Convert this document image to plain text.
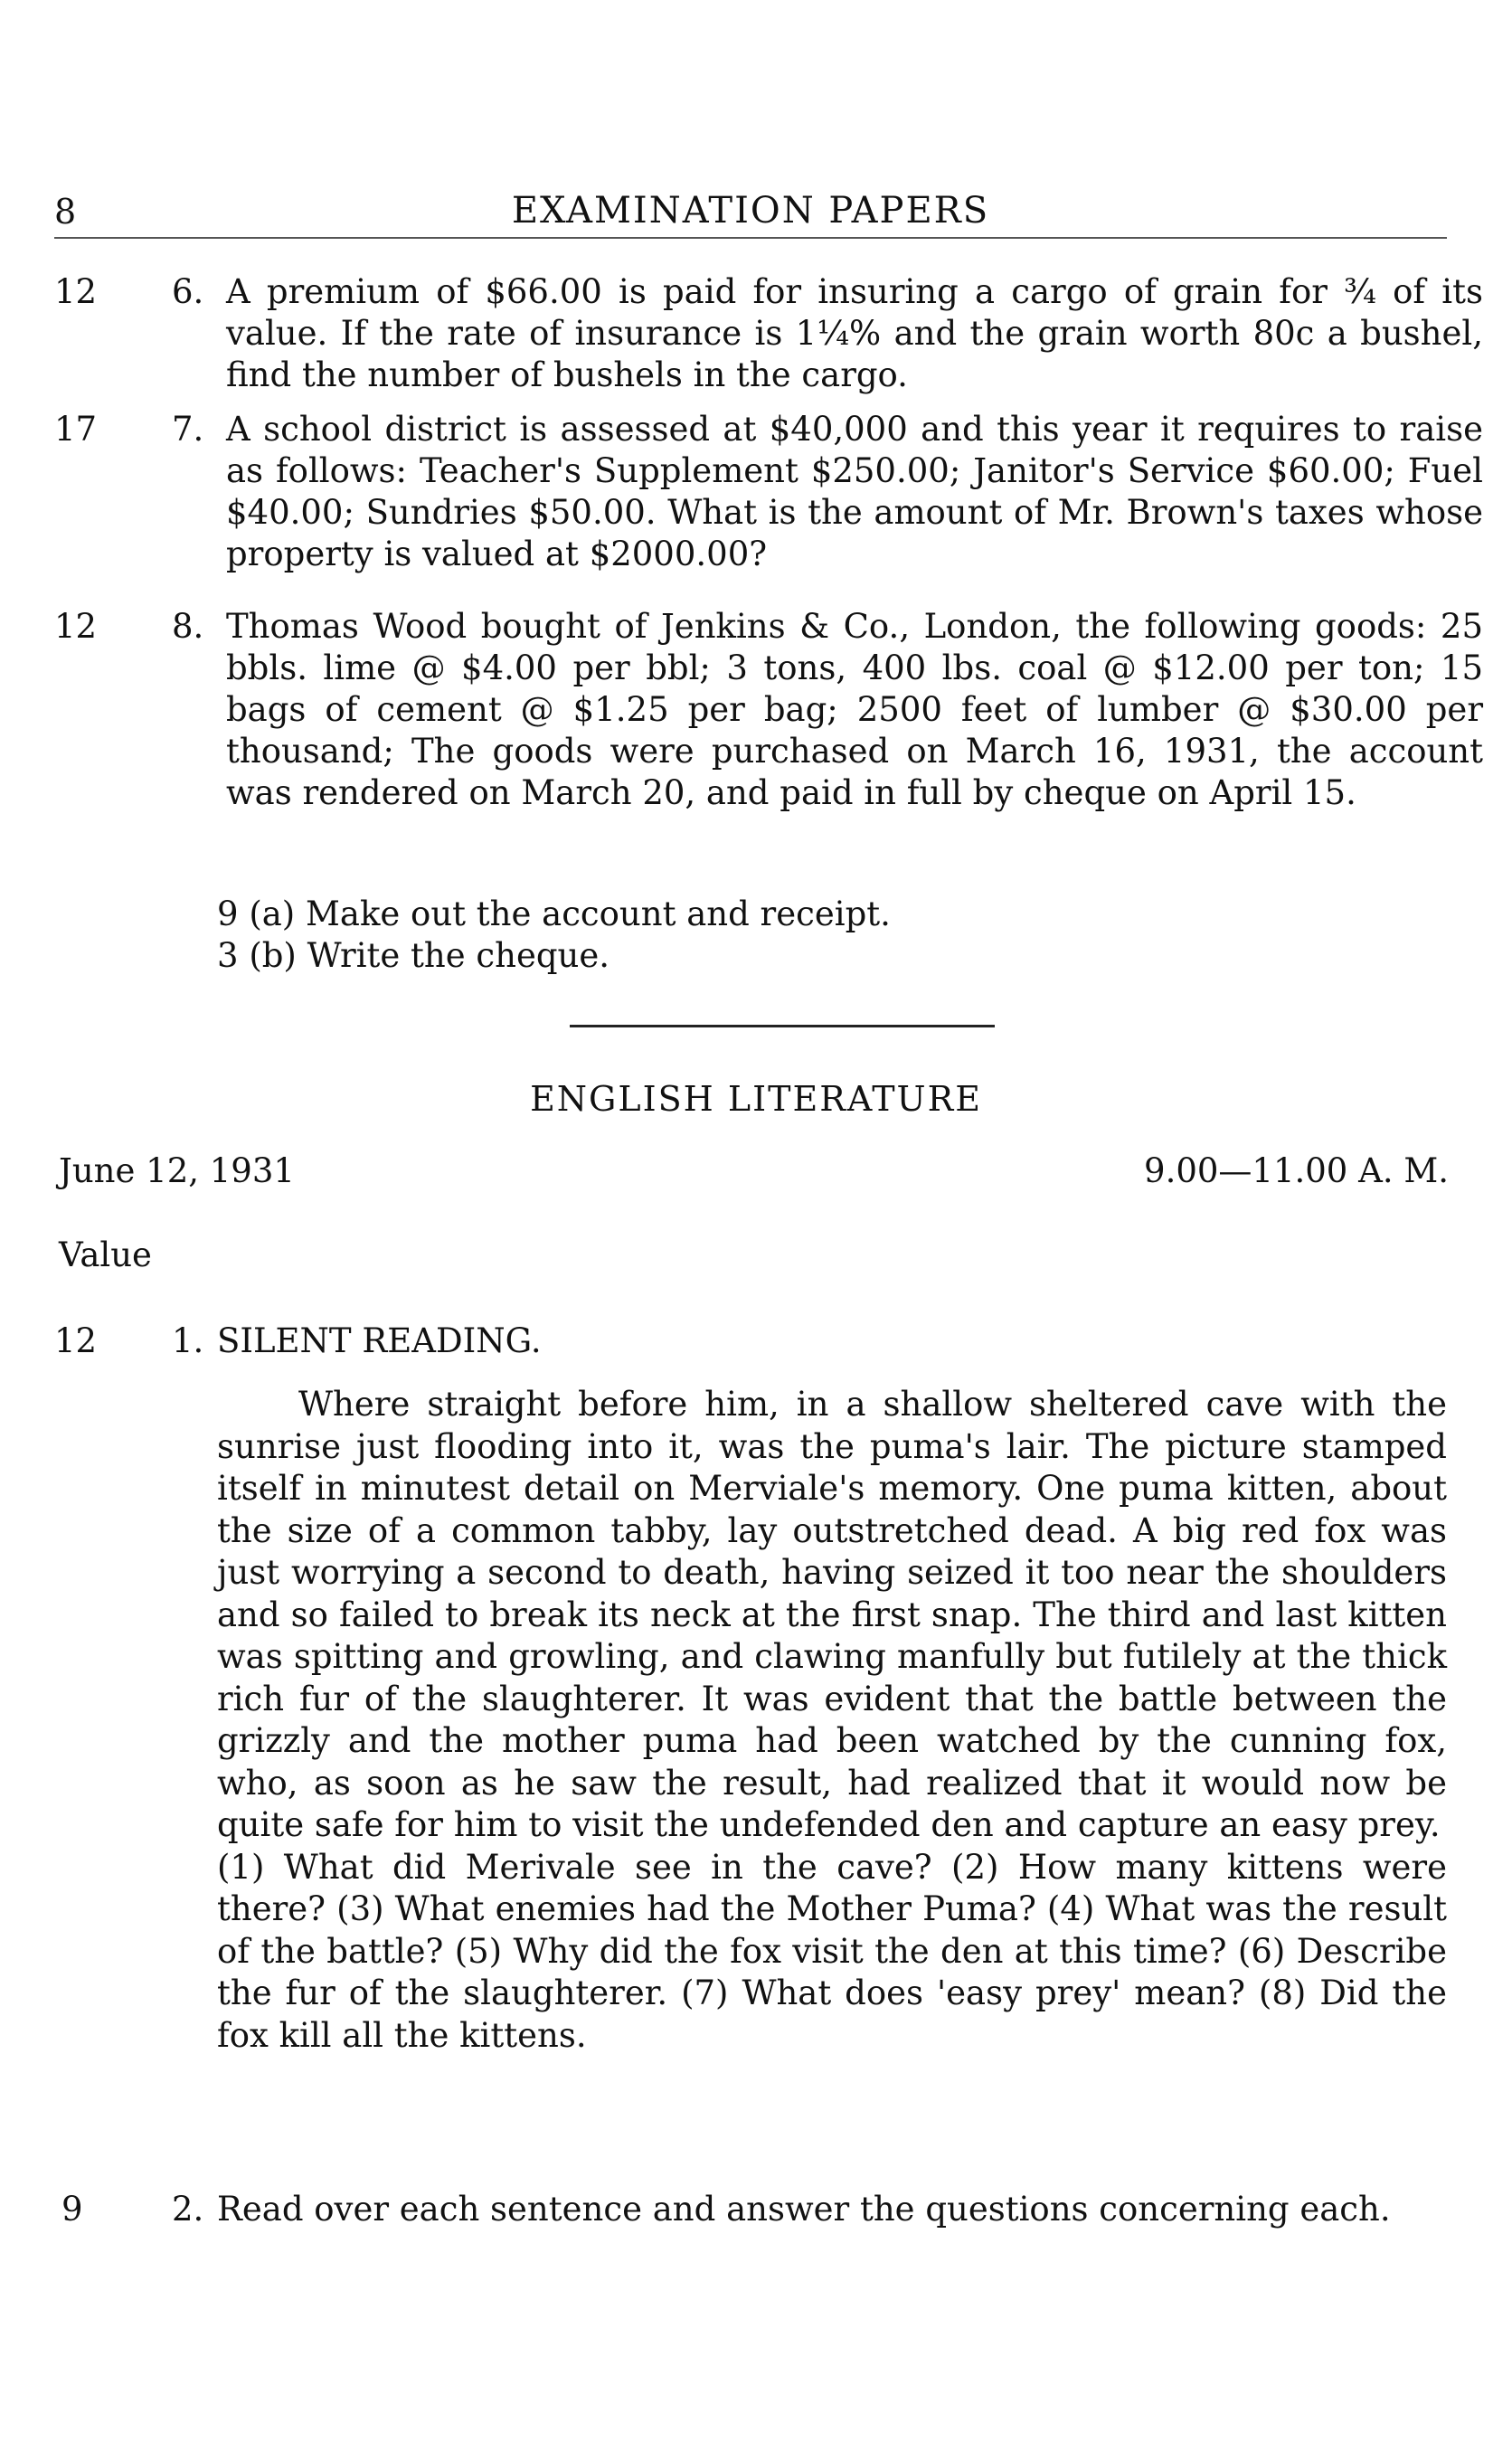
8	EXAMINATION PAPERS
12	6. A premium of $66.00 is paid for insuring a cargo of grain for ¾ of its value. If the rate of insurance is 1¼% and the grain worth 80c a bushel, find the number of bushels in the cargo.
17	7. A school district is assessed at $40,000 and this year it requires to raise as follows: Teacher's Supplement $250.00; Janitor's Service $60.00; Fuel $40.00; Sundries $50.00. What is the amount of Mr. Brown's taxes whose property is valued at $2000.00?
12	8. Thomas Wood bought of Jenkins & Co., London, the following goods: 25 bbls. lime @ $4.00 per bbl; 3 tons, 400 lbs. coal @ $12.00 per ton; 15 bags of cement @ $1.25 per bag; 2500 feet of lumber @ $30.00 per thousand; The goods were purchased on March 16, 1931, the account was rendered on March 20, and paid in full by cheque on April 15.
9 (a) Make out the account and receipt.
3 (b) Write the cheque.
ENGLISH LITERATURE
June 12, 1931	9.00—11.00 A. M.
Value
12	1. SILENT READING.

Where straight before him, in a shallow sheltered cave with the sunrise just flooding into it, was the puma's lair. The picture stamped itself in minutest detail on Merviale's memory. One puma kitten, about the size of a common tabby, lay outstretched dead. A big red fox was just worrying a second to death, having seized it too near the shoulders and so failed to break its neck at the first snap. The third and last kitten was spitting and growling, and clawing manfully but futilely at the thick rich fur of the slaughterer. It was evident that the battle between the grizzly and the mother puma had been watched by the cunning fox, who, as soon as he saw the result, had realized that it would now be quite safe for him to visit the undefended den and capture an easy prey.

(1) What did Merivale see in the cave? (2) How many kittens were there? (3) What enemies had the Mother Puma? (4) What was the result of the battle? (5) Why did the fox visit the den at this time? (6) Describe the fur of the slaughterer. (7) What does 'easy prey' mean? (8) Did the fox kill all the kittens.

9	2. Read over each sentence and answer the questions concerning each.
